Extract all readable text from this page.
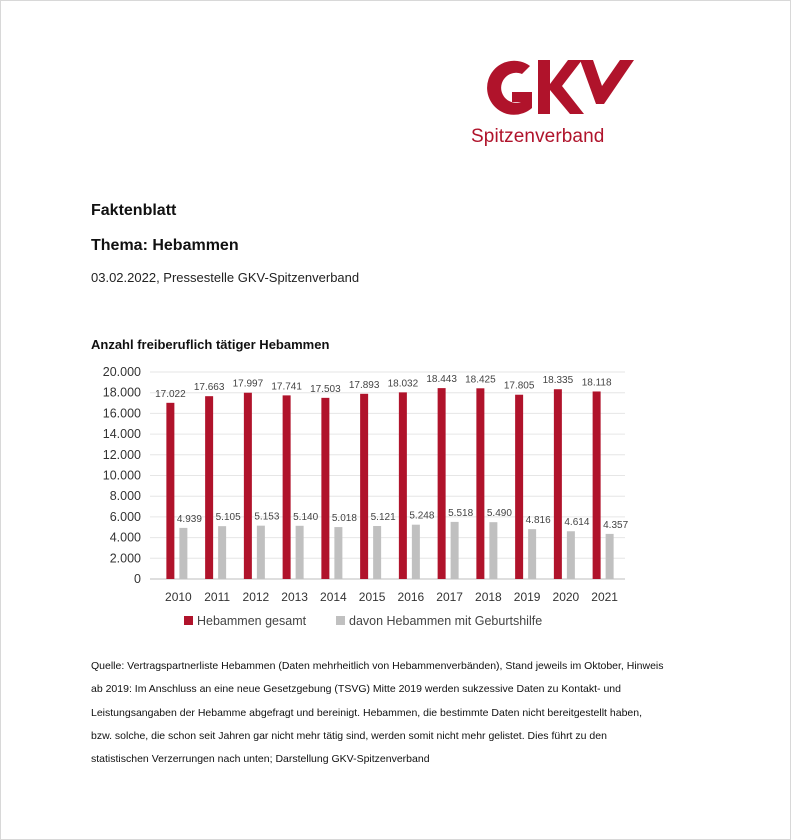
Spitzenverband
Faktenblatt
Thema: Hebammen
03.02.2022, Pressestelle GKV-Spitzenverband
Anzahl freiberuflich tätiger Hebammen
0
2.000
4.000
6.000
8.000
10.000
12.000
14.000
16.000
18.000
20.000
2010
17.022
4.939
2011
17.663
5.105
2012
17.997
5.153
2013
17.741
5.140
2014
17.503
5.018
2015
17.893
5.121
2016
18.032
5.248
2017
18.443
5.518
2018
18.425
5.490
2019
17.805
4.816
2020
18.335
4.614
2021
18.118
4.357
Hebammen gesamt	davon Hebammen mit Geburtshilfe

Quelle: Vertragspartnerliste Hebammen (Daten mehrheitlich von Hebammenverbänden), Stand jeweils im Oktober, Hinweis

ab 2019: Im Anschluss an eine neue Gesetzgebung (TSVG) Mitte 2019 werden sukzessive Daten zu Kontakt- und

Leistungsangaben der Hebamme abgefragt und bereinigt. Hebammen, die bestimmte Daten nicht bereitgestellt haben,

bzw. solche, die schon seit Jahren gar nicht mehr tätig sind, werden somit nicht mehr gelistet. Dies führt zu den

statistischen Verzerrungen nach unten; Darstellung GKV-Spitzenverband
